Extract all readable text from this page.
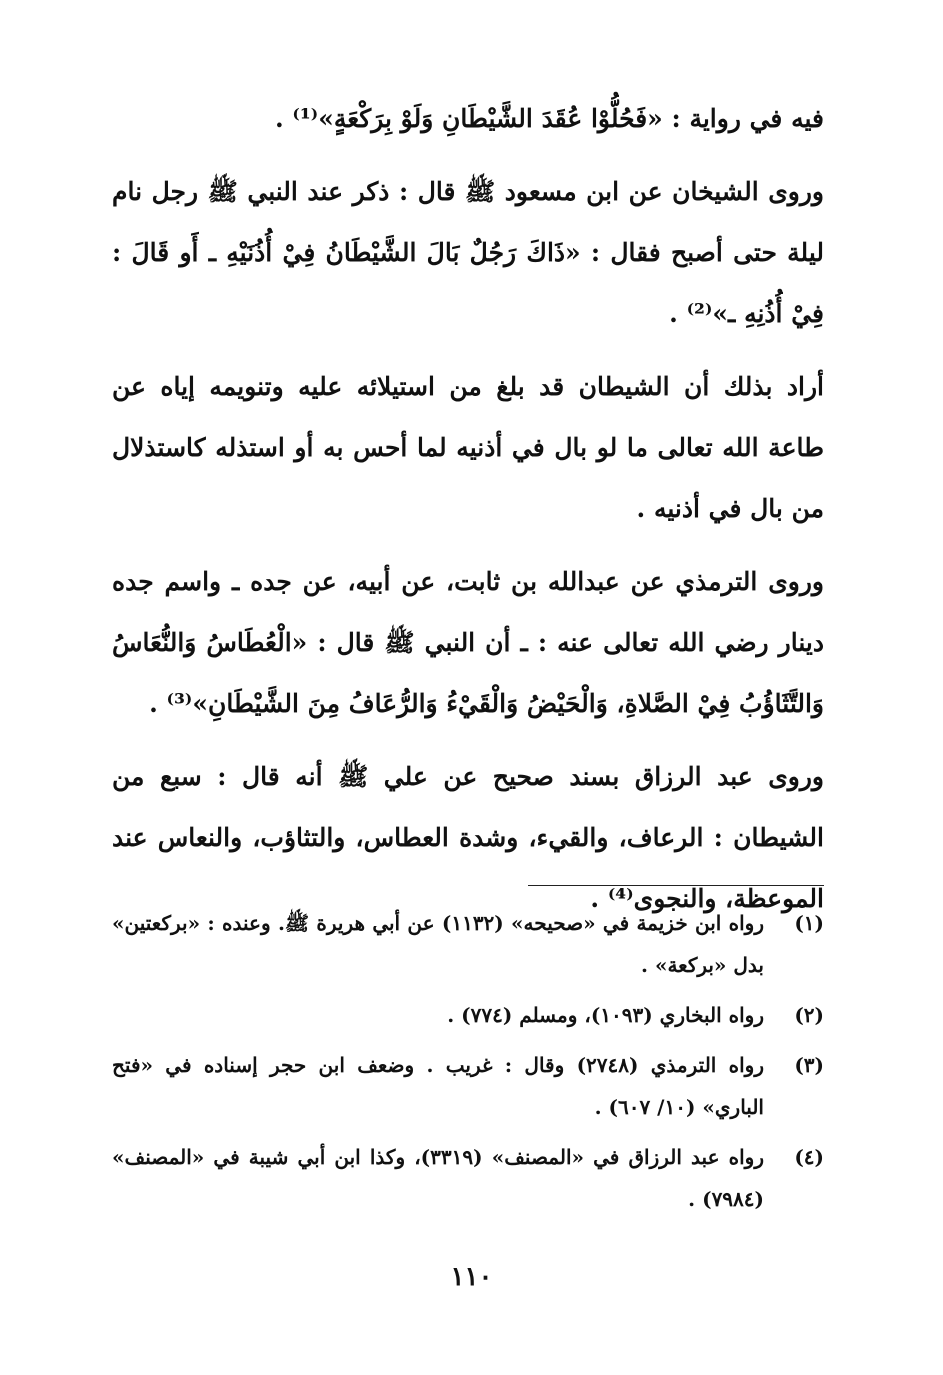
فيه في رواية : «فَحُلُّوْا عُقَدَ الشَّيْطَانِ وَلَوْ بِرَكْعَةٍ»⁽¹⁾ .

وروى الشيخان عن ابن مسعود ﷺ قال : ذكر عند النبي ﷺ رجل نام ليلة حتى أصبح فقال : «ذَاكَ رَجُلٌ بَالَ الشَّيْطَانُ فِيْ أُذُنَيْهِ ـ أَو قَالَ : فِيْ أُذُنِهِ ـ»⁽²⁾ .

أراد بذلك أن الشيطان قد بلغ من استيلائه عليه وتنويمه إياه عن طاعة الله تعالى ما لو بال في أذنيه لما أحس به أو استذله كاستذلال من بال في أذنيه .

وروى الترمذي عن عبدالله بن ثابت، عن أبيه، عن جده ـ واسم جده دينار رضي الله تعالى عنه : ـ أن النبي ﷺ قال : «الْعُطَاسُ وَالنُّعَاسُ وَالتَّثَاؤُبُ فِيْ الصَّلاةِ، وَالْحَيْضُ وَالْقَيْءُ وَالرُّعَافُ مِنَ الشَّيْطَانِ»⁽³⁾ .

وروى عبد الرزاق بسند صحيح عن علي ﷺ أنه قال : سبع من الشيطان : الرعاف، والقيء، وشدة العطاس، والتثاؤب، والنعاس عند الموعظة، والنجوى⁽⁴⁾ .

(١)
رواه ابن خزيمة في «صحيحه» (١١٣٢) عن أبي هريرة ﷺ. وعنده : «بركعتين» بدل «بركعة» .
(٢)
رواه البخاري (١٠٩٣)، ومسلم (٧٧٤) .
(٣)
رواه الترمذي (٢٧٤٨) وقال : غريب . وضعف ابن حجر إسناده في «فتح الباري» (١٠/ ٦٠٧) .
(٤)
رواه عبد الرزاق في «المصنف» (٣٣١٩)، وكذا ابن أبي شيبة في «المصنف» (٧٩٨٤) .
١١٠
